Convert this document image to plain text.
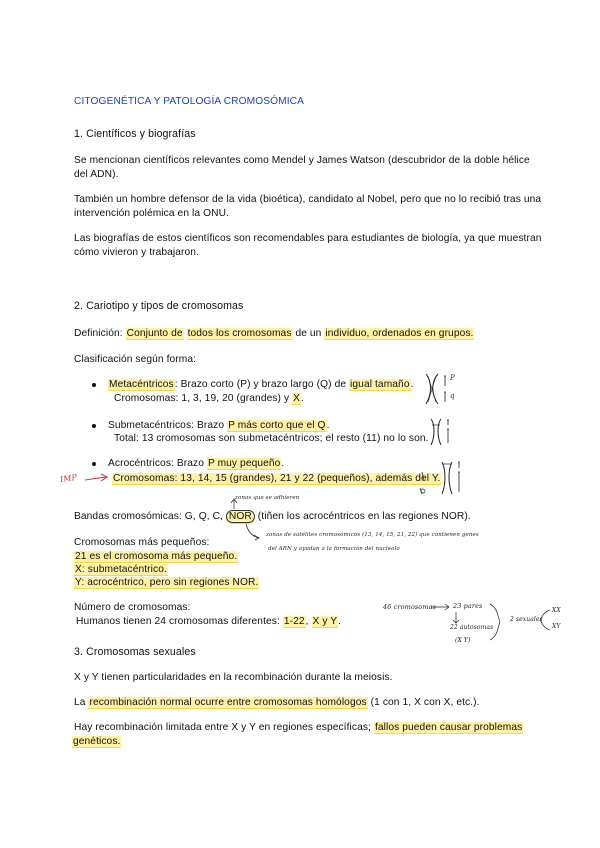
CITOGENÉTICA Y PATOLOGÍA CROMOSÓMICA
1. Científicos y biografías
Se mencionan científicos relevantes como Mendel y James Watson (descubridor de la doble hélice
del ADN).
También un hombre defensor de la vida (bioética), candidato al Nobel, pero que no lo recibió tras una
intervención polémica en la ONU.
Las biografías de estos científicos son recomendables para estudiantes de biología, ya que muestran
cómo vivieron y trabajaron.
2. Cariotipo y tipos de cromosomas
Definición: Conjunto de todos los cromosomas de un individuo, ordenados en grupos.
Clasificación según forma:
Metacéntricos: Brazo corto (P) y brazo largo (Q) de igual tamaño.
Cromosomas: 1, 3, 19, 20 (grandes) y X.
Submetacéntricos: Brazo P más corto que el Q.
Total: 13 cromosomas son submetacéntricos; el resto (11) no lo son.
Acrocéntricos: Brazo P muy pequeño.
Cromosomas: 13, 14, 15 (grandes), 21 y 22 (pequeños), además del Y.
Bandas cromosómicas: G, Q, C, NOR (tiñen los acrocéntricos en las regiones NOR).
Cromosomas más pequeños:
21 es el cromosoma más pequeño.
X: submetacéntrico.
Y: acrocéntrico, pero sin regiones NOR.
Número de cromosomas:
Humanos tienen 24 cromosomas diferentes: 1-22, X y Y.
3. Cromosomas sexuales
X y Y tienen particularidades en la recombinación durante la meiosis.
La recombinación normal ocurre entre cromosomas homólogos (1 con 1, X con X, etc.).
Hay recombinación limitada entre X y Y en regiones específicas; fallos pueden causar problemas
genéticos.
P
q
IMP
zonas que se adhieren
zonas de satélites cromosómicos (13, 14, 15, 21, 22) que contienen genes
del ARN y ayudan a la formación del nucleolo
46 cromosomas	23 pares
22 autosomas
(X Y)
2 sexuales
XX
XY
